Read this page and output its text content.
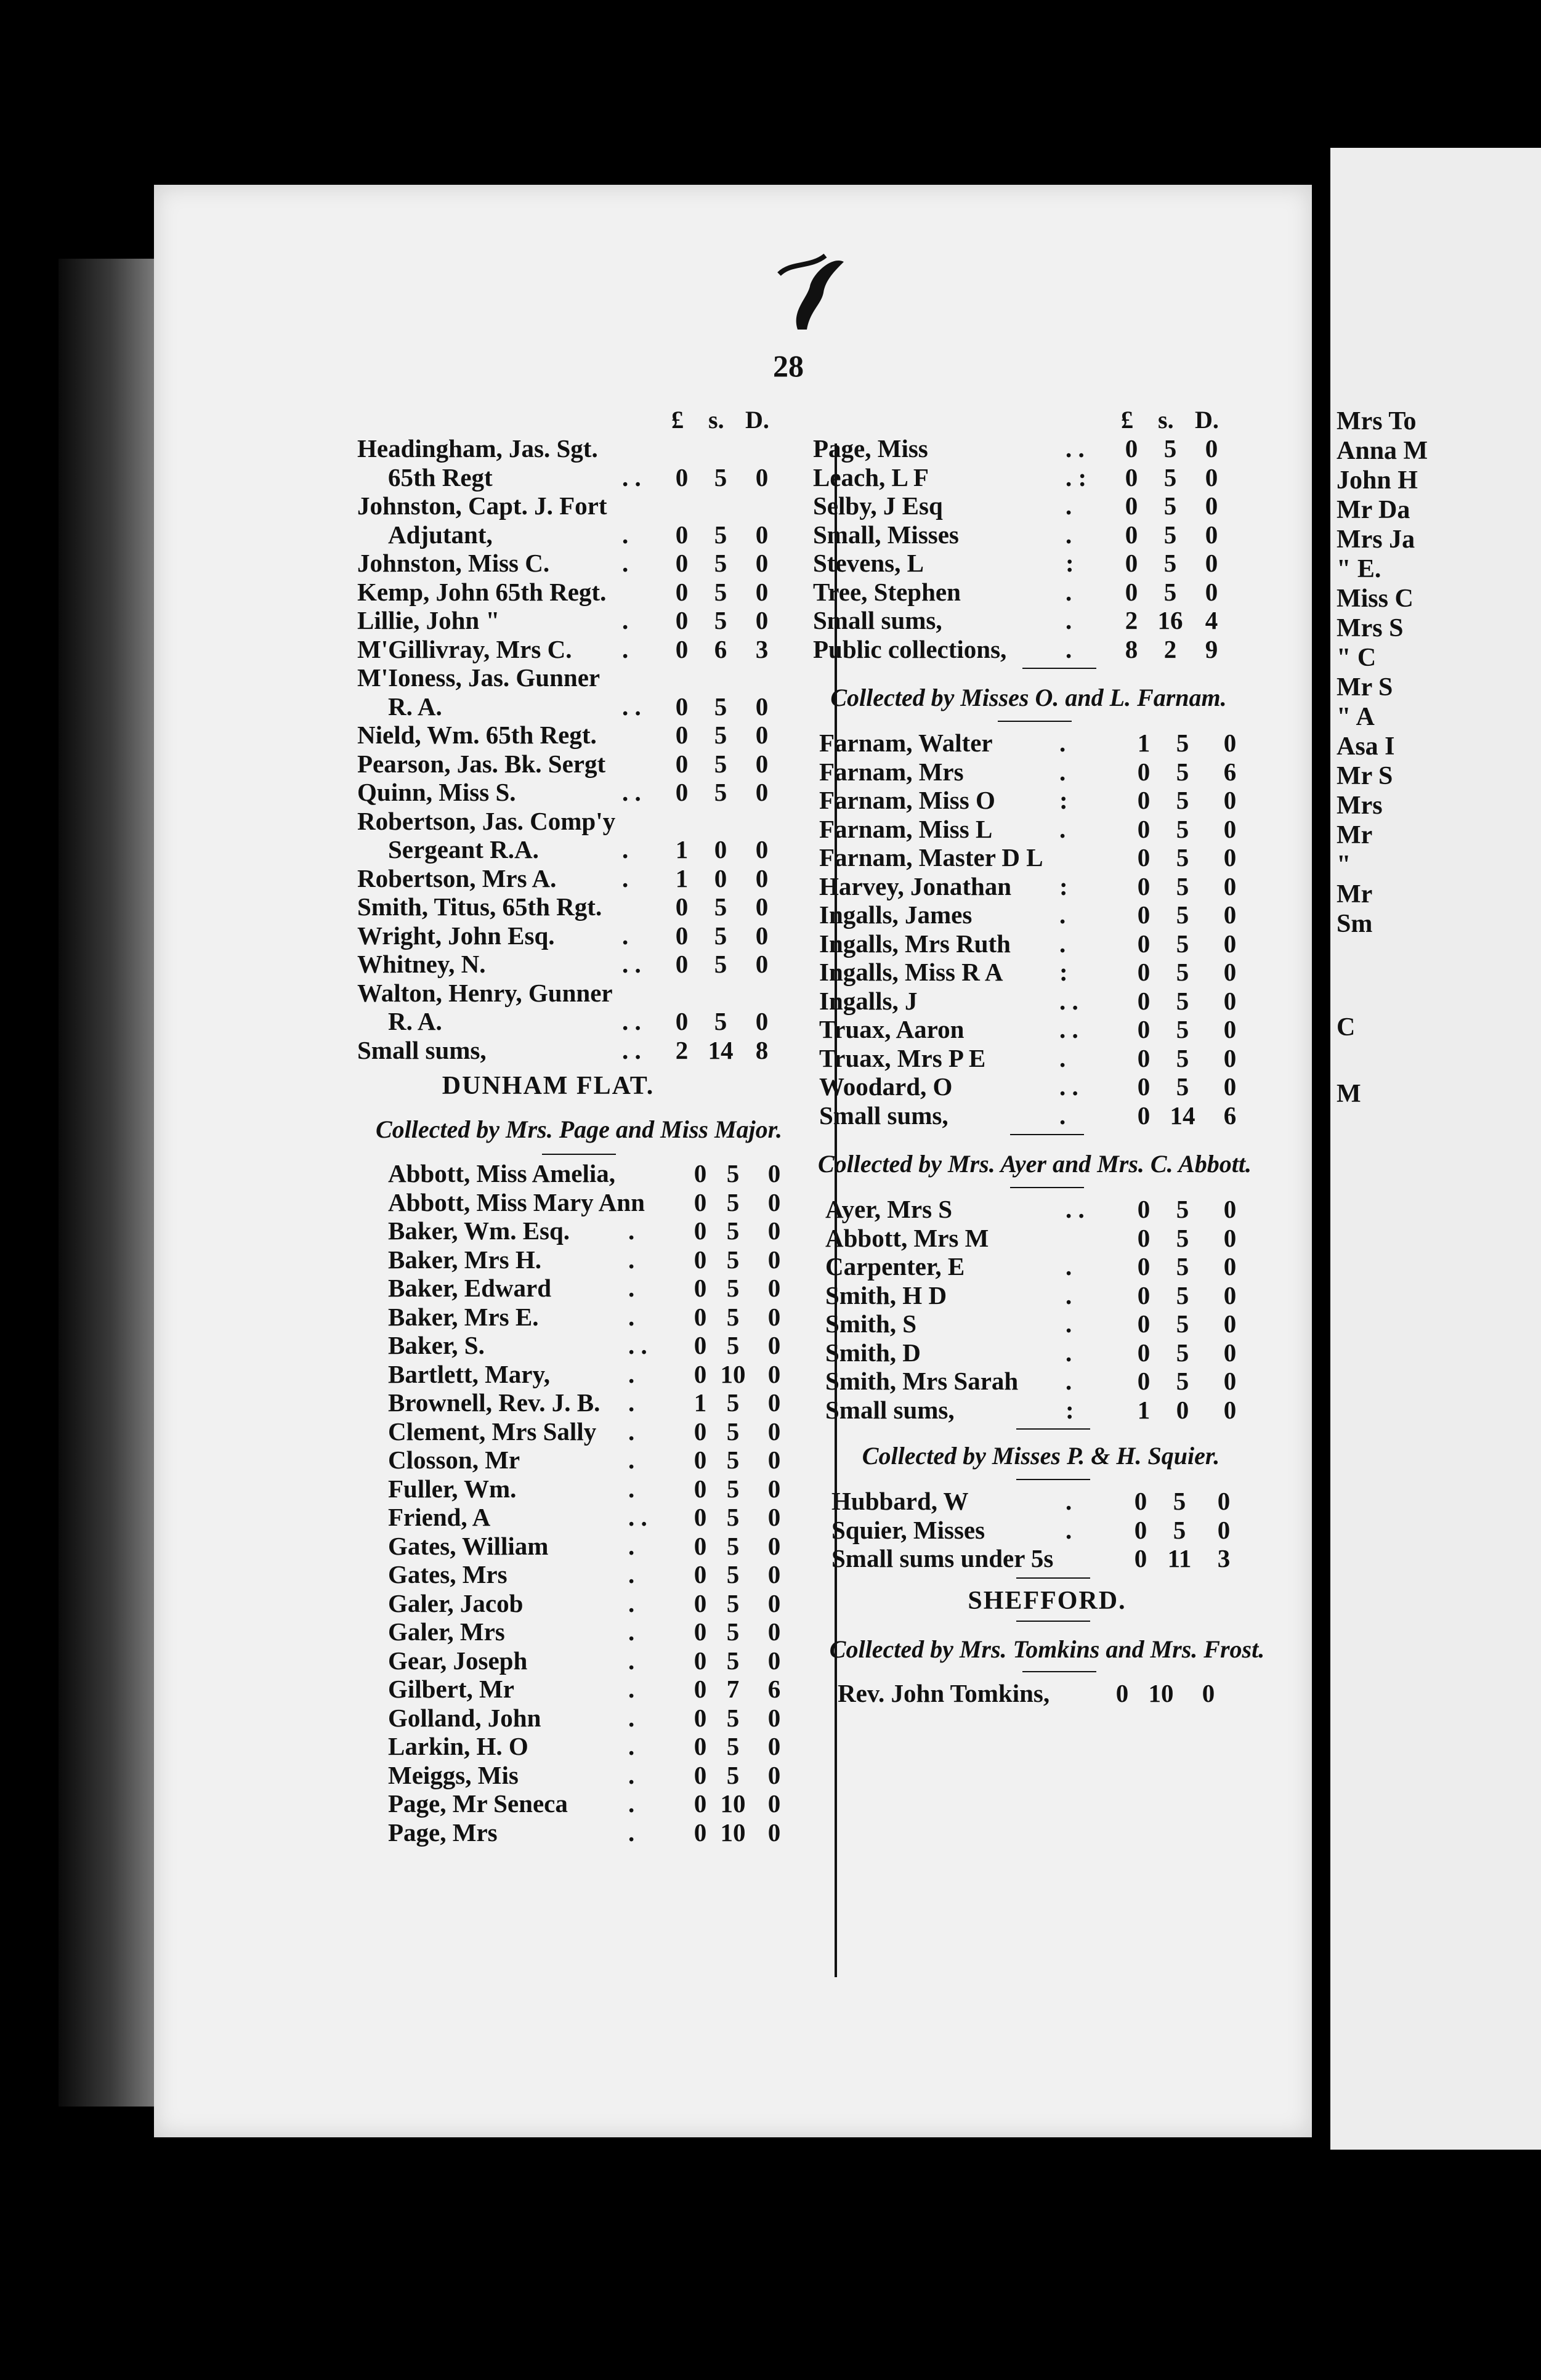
Mrs To
Anna M
John H
Mr Da
Mrs Ja
" E.
Miss C
Mrs S
" C
Mr S
" A
Asa I
Mr S
Mrs
Mr
"
Mr
Sm
C
M
28
£ s. D.
Headingham, Jas. Sgt.
65th Regt	. . 0	5	0
Johnston, Capt. J. Fort
Adjutant,	. 0	5	0
Johnston, Miss C.	. 0	5	0
Kemp, John 65th Regt.	0	5	0
Lillie, John "	. 0	5	0
M'Gillivray, Mrs C. . 0	6	3
M'Ioness, Jas. Gunner
R. A.	. . 0	5	0
Nield, Wm. 65th Regt.	0	5	0
Pearson, Jas. Bk. Sergt	0	5	0
Quinn, Miss S.	. . 0	5	0
Robertson, Jas. Comp'y
Sergeant R.A.	. 1	0	0
Robertson, Mrs A.	. 1	0	0
Smith, Titus, 65th Rgt.	0	5	0
Wright, John Esq.	. 0	5	0
Whitney, N.	. . 0	5	0
Walton, Henry, Gunner
R. A.	. . 0	5	0
Small sums,	. . 2 14 8
DUNHAM FLAT.
Collected by Mrs. Page and Miss Major.
Abbott, Miss Amelia,	0 5	0
Abbott, Miss Mary Ann 0 5	0
Baker, Wm. Esq. . 0 5	0
Baker, Mrs H.	. 0 5	0
Baker, Edward	. 0 5	0
Baker, Mrs E.	. 0 5	0
Baker, S.	. . 0 5	0
Bartlett, Mary,	. 0 10 0
Brownell, Rev. J. B. . 1 5	0
Clement, Mrs Sally . 0 5	0
Closson, Mr	. 0 5	0
Fuller, Wm.	. 0 5	0
Friend, A	. . 0 5	0
Gates, William	. 0 5	0
Gates, Mrs	. 0 5	0
Galer, Jacob	. 0 5	0
Galer, Mrs	. 0 5	0
Gear, Joseph	. 0 5	0
Gilbert, Mr	. 0 7	6
Golland, John	. 0 5	0
Larkin, H. O	. 0 5	0
Meiggs, Mis	. 0 5	0
Page, Mr Seneca . 0 10 0
Page, Mrs	. 0 10 0
£ s. D.
Page, Miss	. . 0	5	0
Leach, L F	. : 0	5	0
Selby, J Esq	. 0	5	0
Small, Misses	. 0	5	0
Stevens, L	: 0	5	0
Tree, Stephen	. 0	5	0
Small sums,	. 2 16 4
Public collections, . 8	2	9
Collected by Misses O. and L. Farnam.
Farnam, Walter	.	1	5	0
Farnam, Mrs	.	0	5	6
Farnam, Miss O	:	0	5	0
Farnam, Miss L	.	0	5	0
Farnam, Master D L	0	5	0
Harvey, Jonathan :	0	5	0
Ingalls, James	.	0	5	0
Ingalls, Mrs Ruth .	0	5	0
Ingalls, Miss R A :	0	5	0
Ingalls, J	. . 0	5	0
Truax, Aaron	. . 0	5	0
Truax, Mrs P E	.	0	5	0
Woodard, O	. . 0	5	0
Small sums,	.	0 14	6
Collected by Mrs. Ayer and Mrs. C. Abbott.
Ayer, Mrs S	. . 0	5	0
Abbott, Mrs M	0	5	0
Carpenter, E	.	0	5	0
Smith, H D	.	0	5	0
Smith, S	.	0	5	0
Smith, D	.	0	5	0
Smith, Mrs Sarah .	0	5	0
Small sums,	:	1	0	0
Collected by Misses P. & H. Squier.
Hubbard, W	. 0	5	0
Squier, Misses	. 0	5	0
Small sums under 5s	0 11	3
SHEFFORD.
Collected by Mrs. Tomkins and Mrs. Frost.
Rev. John Tomkins,	0 10	0
